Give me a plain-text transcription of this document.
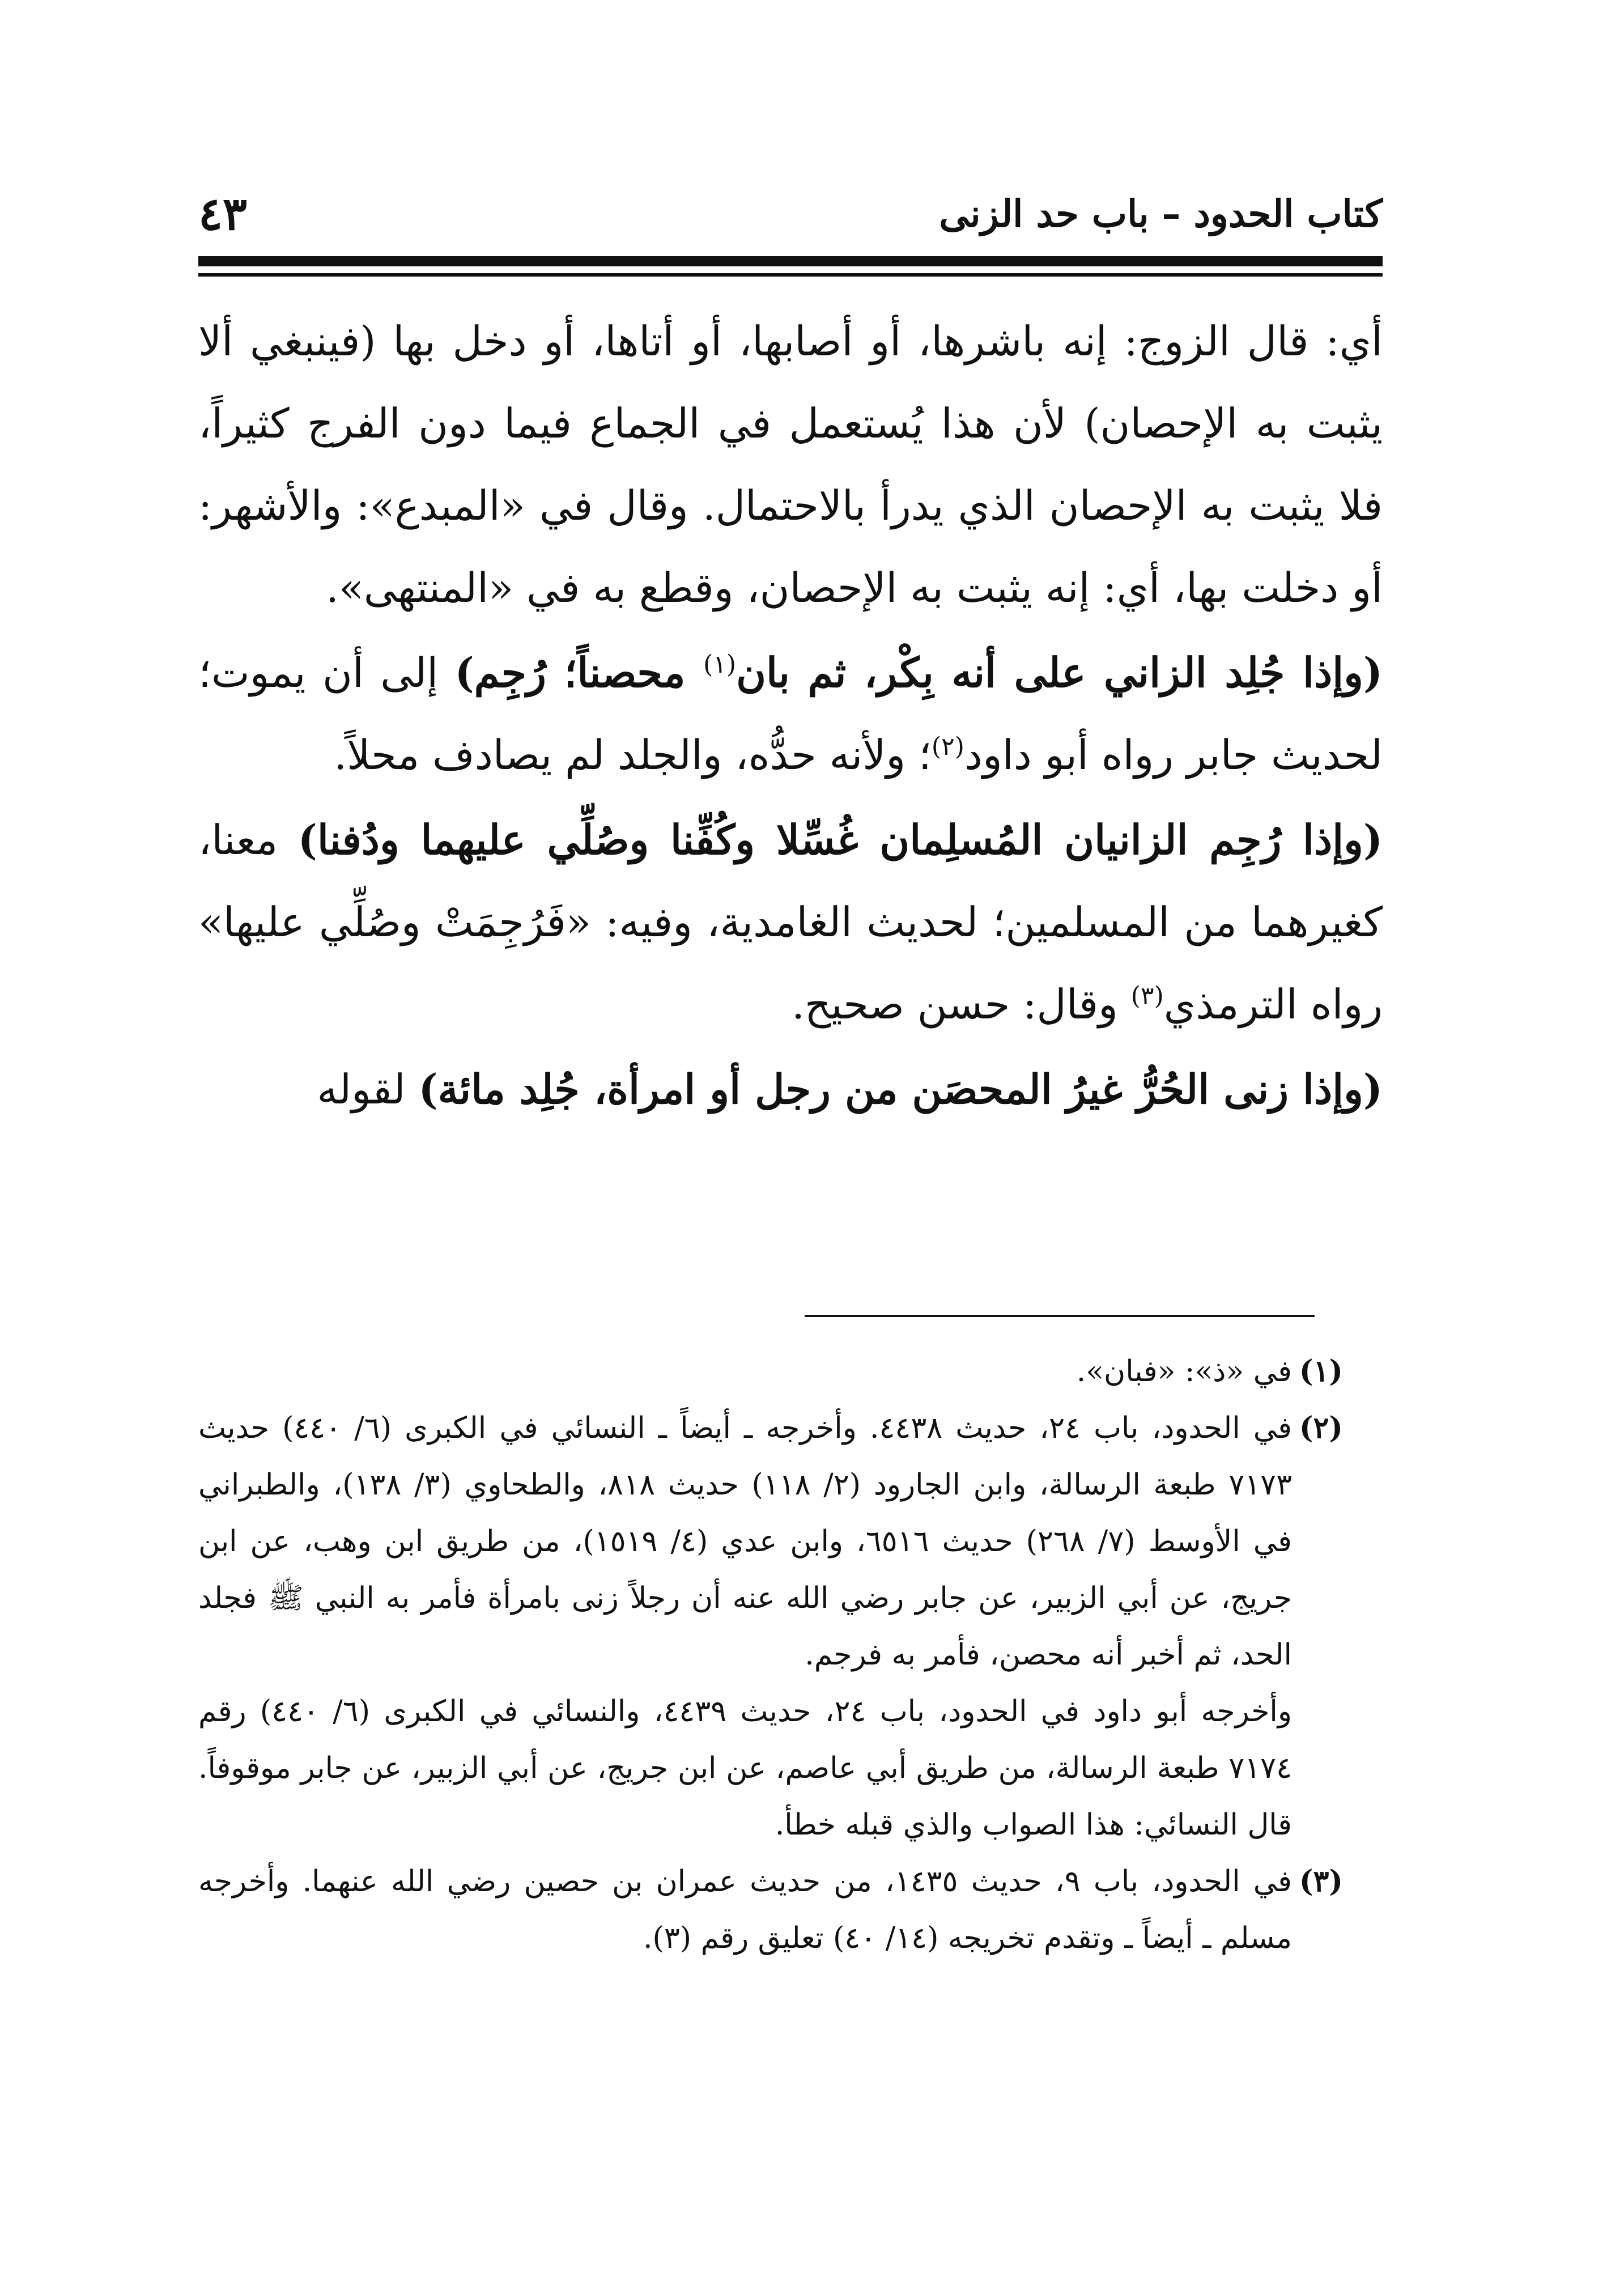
٤٣	كتاب الحدود – باب حد الزنى

أي: قال الزوج: إنه باشرها، أو أصابها، أو أتاها، أو دخل بها (فينبغي ألا يثبت به الإحصان) لأن هذا يُستعمل في الجماع فيما دون الفرج كثيراً، فلا يثبت به الإحصان الذي يدرأ بالاحتمال. وقال في «المبدع»: والأشهر: أو دخلت بها، أي: إنه يثبت به الإحصان، وقطع به في «المنتهى».

(وإذا جُلِد الزاني على أنه بِكْر، ثم بان$^{(١)}$ محصناً؛ رُجِم) إلى أن يموت؛ لحديث جابر رواه أبو داود$^{(٢)}$؛ ولأنه حدُّه، والجلد لم يصادف محلاً.

(وإذا رُجِم الزانيان المُسلِمان غُسِّلا وكُفِّنا وصُلِّي عليهما ودُفنا) معنا، كغيرهما من المسلمين؛ لحديث الغامدية، وفيه: «فَرُجِمَتْ وصُلِّي عليها» رواه الترمذي$^{(٣)}$ وقال: حسن صحيح.

(وإذا زنى الحُرُّ غيرُ المحصَن من رجل أو امرأة، جُلِد مائة) لقوله

(١)
في «ذ»: «فبان».
(٢)
في الحدود، باب ٢٤، حديث ٤٤٣٨. وأخرجه ـ أيضاً ـ النسائي في الكبرى (٦/ ٤٤٠) حديث ٧١٧٣ طبعة الرسالة، وابن الجارود (٢/ ١١٨) حديث ٨١٨، والطحاوي (٣/ ١٣٨)، والطبراني في الأوسط (٧/ ٢٦٨) حديث ٦٥١٦، وابن عدي (٤/ ١٥١٩)، من طريق ابن وهب، عن ابن جريج، عن أبي الزبير، عن جابر رضي الله عنه أن رجلاً زنى بامرأة فأمر به النبي ﷺ فجلد الحد، ثم أخبر أنه محصن، فأمر به فرجم.
وأخرجه أبو داود في الحدود، باب ٢٤، حديث ٤٤٣٩، والنسائي في الكبرى (٦/ ٤٤٠) رقم ٧١٧٤ طبعة الرسالة، من طريق أبي عاصم، عن ابن جريج، عن أبي الزبير، عن جابر موقوفاً. قال النسائي: هذا الصواب والذي قبله خطأ.
(٣)
في الحدود، باب ٩، حديث ١٤٣٥، من حديث عمران بن حصين رضي الله عنهما. وأخرجه مسلم ـ أيضاً ـ وتقدم تخريجه (١٤/ ٤٠) تعليق رقم (٣).
